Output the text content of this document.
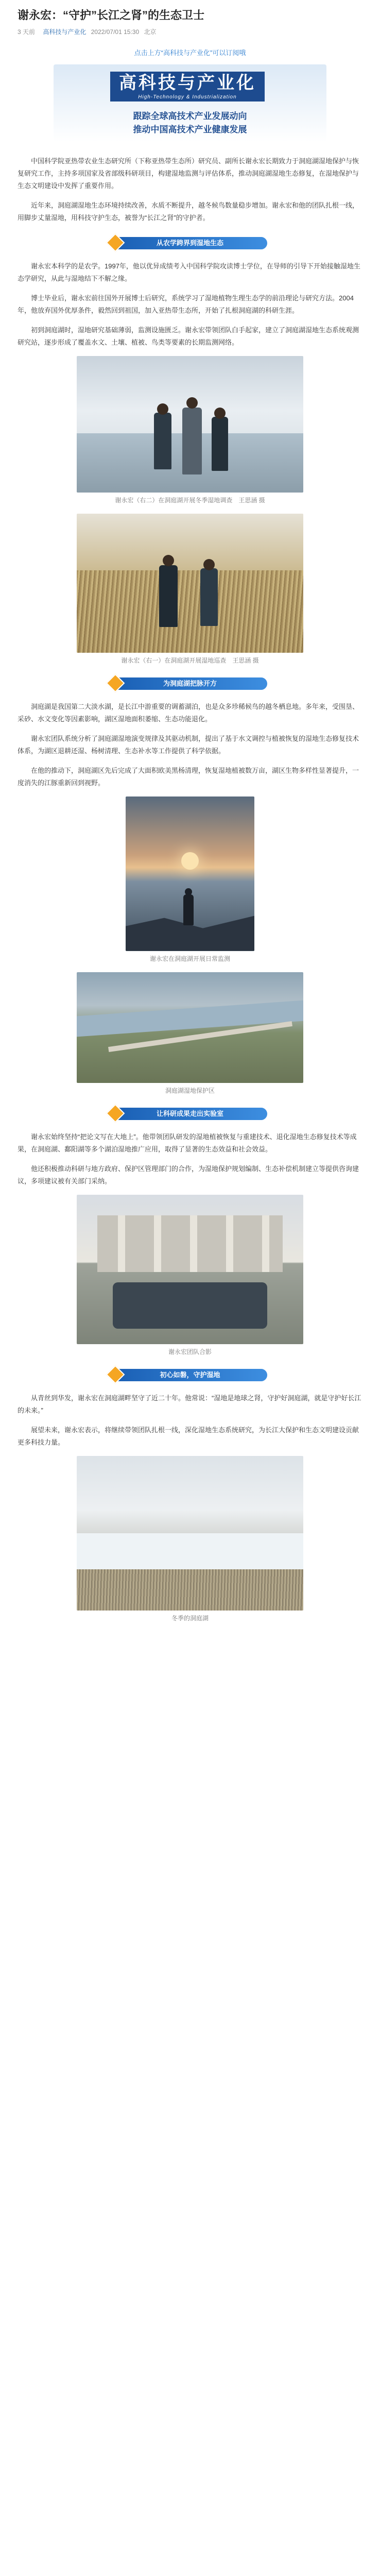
谢永宏：“守护”长江之肾”的生态卫士
3 天前 高科技与产业化 2022/07/01 15:30 北京
点击上方“高科技与产业化”可以订阅哦
高科技与产业化
High-Technology & Industrialization
跟踪全球高技术产业发展动向
推动中国高技术产业健康发展

中国科学院亚热带农业生态研究所（下称亚热带生态所）研究员、副所长谢永宏长期致力于洞庭湖湿地保护与恢复研究工作，主持多项国家及省部级科研项目，构建湿地监测与评估体系，推动洞庭湖湿地生态修复，在湿地保护与生态文明建设中发挥了重要作用。

近年来，洞庭湖湿地生态环境持续改善，水质不断提升，越冬候鸟数量稳步增加。谢永宏和他的团队扎根一线，用脚步丈量湿地，用科技守护生态，被誉为“长江之肾”的守护者。

从农学跨界到湿地生态

谢永宏本科学的是农学。1997年，他以优异成绩考入中国科学院攻读博士学位，在导师的引导下开始接触湿地生态学研究，从此与湿地结下不解之缘。

博士毕业后，谢永宏前往国外开展博士后研究，系统学习了湿地植物生理生态学的前沿理论与研究方法。2004年，他放弃国外优厚条件，毅然回到祖国，加入亚热带生态所，开始了扎根洞庭湖的科研生涯。

初到洞庭湖时，湿地研究基础薄弱，监测设施匮乏。谢永宏带领团队白手起家，建立了洞庭湖湿地生态系统观测研究站，逐步形成了覆盖水文、土壤、植被、鸟类等要素的长期监测网络。

谢永宏（右二）在洞庭湖开展冬季湿地调查　王思涵 摄
谢永宏（右一）在洞庭湖开展湿地巡查　王思涵 摄
为洞庭湖把脉开方

洞庭湖是我国第二大淡水湖，是长江中游重要的调蓄湖泊，也是众多珍稀候鸟的越冬栖息地。多年来，受围垦、采砂、水文变化等因素影响，湖区湿地面积萎缩、生态功能退化。

谢永宏团队系统分析了洞庭湖湿地演变规律及其驱动机制，提出了基于水文调控与植被恢复的湿地生态修复技术体系，为湖区退耕还湿、杨树清理、生态补水等工作提供了科学依据。

在他的推动下，洞庭湖区先后完成了大面积欧美黑杨清理，恢复湿地植被数万亩，湖区生物多样性显著提升，一度消失的江豚重新回到视野。

谢永宏在洞庭湖开展日常监测
洞庭湖湿地保护区
让科研成果走出实验室

谢永宏始终坚持“把论文写在大地上”。他带领团队研发的湿地植被恢复与重建技术、退化湿地生态修复技术等成果，在洞庭湖、鄱阳湖等多个湖泊湿地推广应用，取得了显著的生态效益和社会效益。

他还积极推动科研与地方政府、保护区管理部门的合作，为湿地保护规划编制、生态补偿机制建立等提供咨询建议，多项建议被有关部门采纳。

谢永宏团队合影
初心如磐，守护湿地

从青丝到华发，谢永宏在洞庭湖畔坚守了近二十年。他常说：“湿地是地球之肾，守护好洞庭湖，就是守护好长江的未来。”

展望未来，谢永宏表示，将继续带领团队扎根一线，深化湿地生态系统研究，为长江大保护和生态文明建设贡献更多科技力量。

冬季的洞庭湖
